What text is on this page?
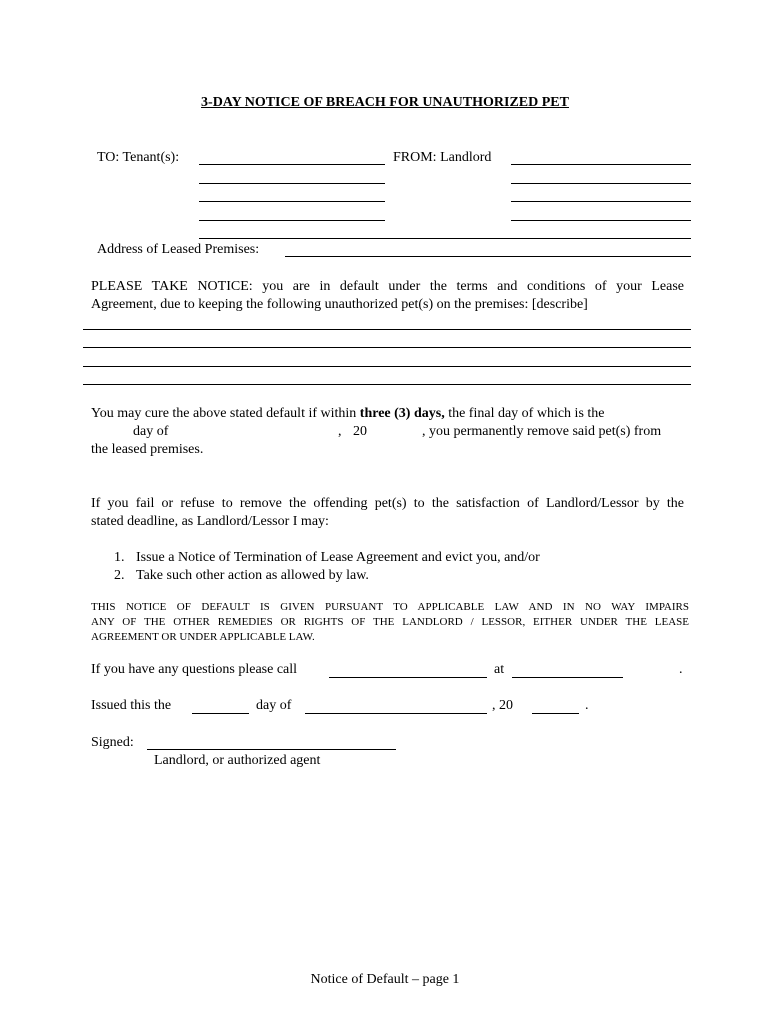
3-DAY NOTICE OF BREACH FOR UNAUTHORIZED PET
TO: Tenant(s):	FROM: Landlord
Address of Leased Premises:
PLEASE TAKE NOTICE: you are in default under the terms and conditions of your Lease
Agreement, due to keeping the following unauthorized pet(s) on the premises: [describe]
You may cure the above stated default if within three (3) days, the final day of which is the
day of	, 20	, you permanently remove said pet(s) from
the leased premises.
If you fail or refuse to remove the offending pet(s) to the satisfaction of Landlord/Lessor by the
stated deadline, as Landlord/Lessor I may:
1. Issue a Notice of Termination of Lease Agreement and evict you, and/or
2. Take such other action as allowed by law.
THIS NOTICE OF DEFAULT IS GIVEN PURSUANT TO APPLICABLE LAW AND IN NO WAY IMPAIRS
ANY OF THE OTHER REMEDIES OR RIGHTS OF THE LANDLORD / LESSOR, EITHER UNDER THE LEASE
AGREEMENT OR UNDER APPLICABLE LAW.
If you have any questions please call	at	.
Issued this the	day of	, 20	.
Signed:
Landlord, or authorized agent
Notice of Default – page 1
